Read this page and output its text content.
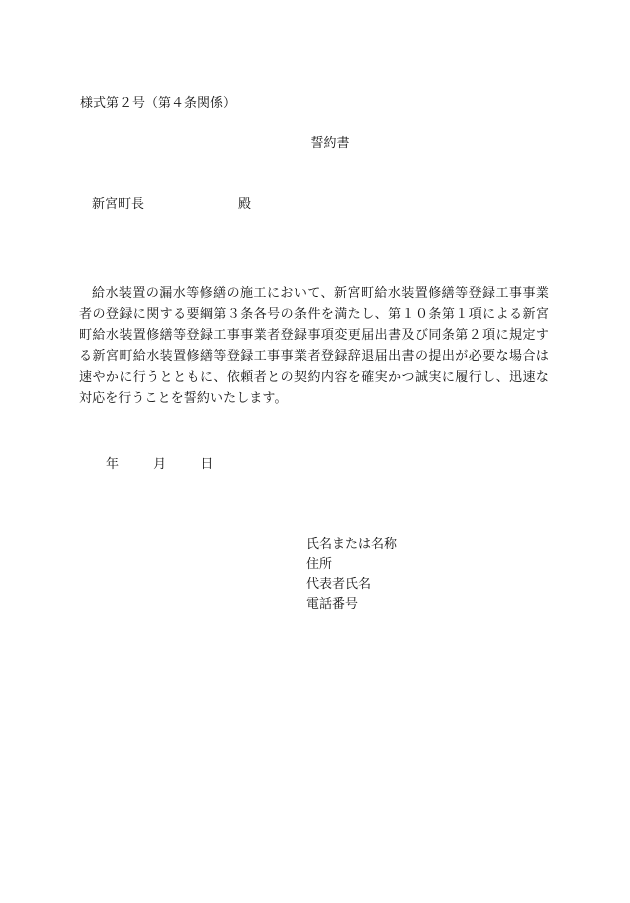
様式第２号（第４条関係）
誓約書
新宮町長	殿

給水装置の漏水等修繕の施工において、新宮町給水装置修繕等登録工事事業者の登録に関する要綱第３条各号の条件を満たし、第１０条第１項による新宮町給水装置修繕等登録工事事業者登録事項変更届出書及び同条第２項に規定する新宮町給水装置修繕等登録工事事業者登録辞退届出書の提出が必要な場合は速やかに行うとともに、依頼者との契約内容を確実かつ誠実に履行し、迅速な対応を行うことを誓約いたします。

年	月	日
氏名または名称
住所
代表者氏名
電話番号
